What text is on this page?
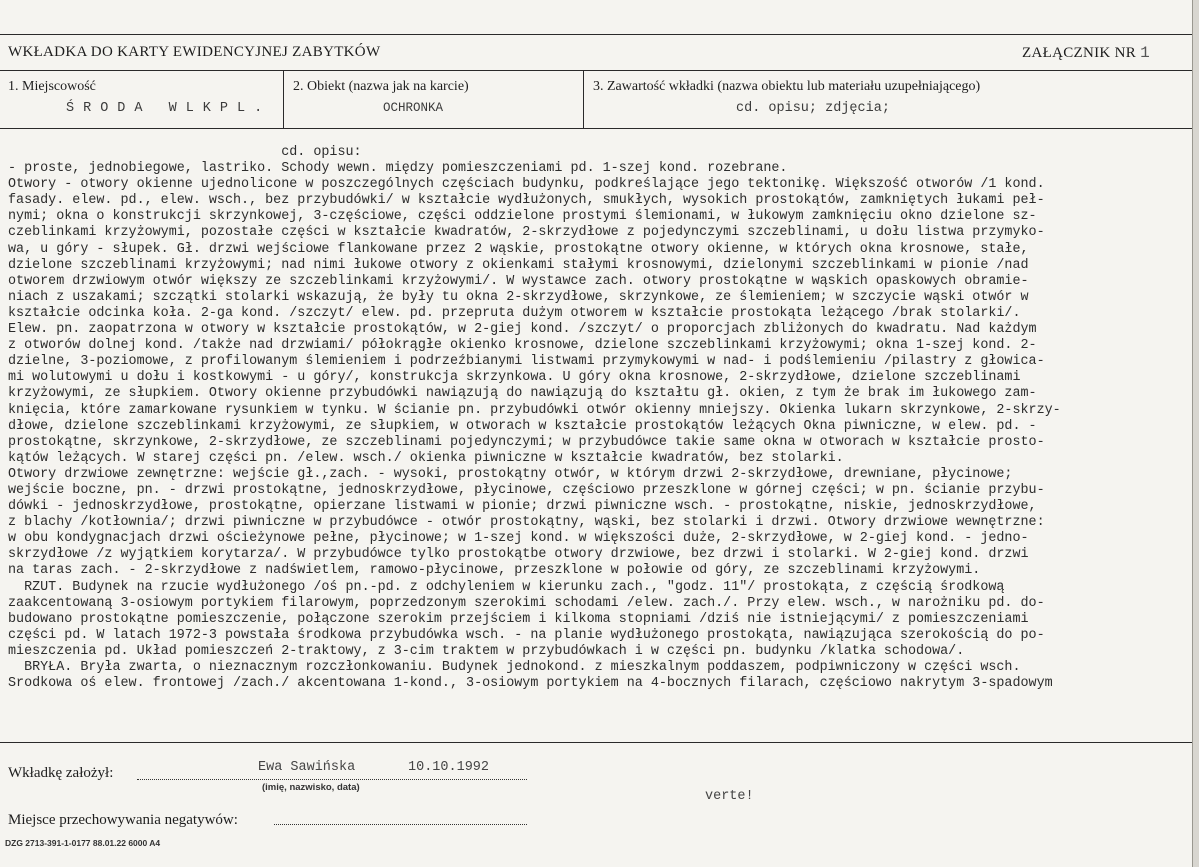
WKŁADKA DO KARTY EWIDENCYJNEJ ZABYTKÓW	ZAŁĄCZNIK NR 1
1. Miejscowość
ŚRODA WLKPL.
2. Obiekt (nazwa jak na karcie)
OCHRONKA
3. Zawartość wkładki (nazwa obiektu lub materiału uzupełniającego)
cd. opisu; zdjęcia;
cd. opisu:
- proste, jednobiegowe, lastriko. Schody wewn. między pomieszczeniami pd. 1-szej kond. rozebrane.
Otwory - otwory okienne ujednolicone w poszczególnych częściach budynku, podkreślające jego tektonikę. Większość otworów /1 kond.
fasady. elew. pd., elew. wsch., bez przybudówki/ w kształcie wydłużonych, smukłych, wysokich prostokątów, zamkniętych łukami peł-
nymi; okna o konstrukcji skrzynkowej, 3-częściowe, części oddzielone prostymi ślemionami, w łukowym zamknięciu okno dzielone sz-
czeblinkami krzyżowymi, pozostałe części w kształcie kwadratów, 2-skrzydłowe z pojedynczymi szczeblinami, u dołu listwa przymyko-
wa, u góry - słupek. Gł. drzwi wejściowe flankowane przez 2 wąskie, prostokątne otwory okienne, w których okna krosnowe, stałe,
dzielone szczeblinami krzyżowymi; nad nimi łukowe otwory z okienkami stałymi krosnowymi, dzielonymi szczeblinkami w pionie /nad
otworem drzwiowym otwór większy ze szczeblinkami krzyżowymi/. W wystawce zach. otwory prostokątne w wąskich opaskowych obramie-
niach z uszakami; szczątki stolarki wskazują, że były tu okna 2-skrzydłowe, skrzynkowe, ze ślemieniem; w szczycie wąski otwór w
kształcie odcinka koła. 2-ga kond. /szczyt/ elew. pd. przepruta dużym otworem w kształcie prostokąta leżącego /brak stolarki/.
Elew. pn. zaopatrzona w otwory w kształcie prostokątów, w 2-giej kond. /szczyt/ o proporcjach zbliżonych do kwadratu. Nad każdym
z otworów dolnej kond. /także nad drzwiami/ półokrągłe okienko krosnowe, dzielone szczeblinkami krzyżowymi; okna 1-szej kond. 2-
dzielne, 3-poziomowe, z profilowanym ślemieniem i podrzeźbianymi listwami przymykowymi w nad- i podślemieniu /pilastry z głowica-
mi wolutowymi u dołu i kostkowymi - u góry/, konstrukcja skrzynkowa. U góry okna krosnowe, 2-skrzydłowe, dzielone szczeblinami
krzyżowymi, ze słupkiem. Otwory okienne przybudówki nawiązują do nawiązują do kształtu gł. okien, z tym że brak im łukowego zam-
knięcia, które zamarkowane rysunkiem w tynku. W ścianie pn. przybudówki otwór okienny mniejszy. Okienka lukarn skrzynkowe, 2-skrzy-
dłowe, dzielone szczeblinkami krzyżowymi, ze słupkiem, w otworach w kształcie prostokątów leżących Okna piwniczne, w elew. pd. -
prostokątne, skrzynkowe, 2-skrzydłowe, ze szczeblinami pojedynczymi; w przybudówce takie same okna w otworach w kształcie prosto-
kątów leżących. W starej części pn. /elew. wsch./ okienka piwniczne w kształcie kwadratów, bez stolarki.
Otwory drzwiowe zewnętrzne: wejście gł.,zach. - wysoki, prostokątny otwór, w którym drzwi 2-skrzydłowe, drewniane, płycinowe;
wejście boczne, pn. - drzwi prostokątne, jednoskrzydłowe, płycinowe, częściowo przeszklone w górnej części; w pn. ścianie przybu-
dówki - jednoskrzydłowe, prostokątne, opierzane listwami w pionie; drzwi piwniczne wsch. - prostokątne, niskie, jednoskrzydłowe,
z blachy /kotłownia/; drzwi piwniczne w przybudówce - otwór prostokątny, wąski, bez stolarki i drzwi. Otwory drzwiowe wewnętrzne:
w obu kondygnacjach drzwi ościeżynowe pełne, płycinowe; w 1-szej kond. w większości duże, 2-skrzydłowe, w 2-giej kond. - jedno-
skrzydłowe /z wyjątkiem korytarza/. W przybudówce tylko prostokątbe otwory drzwiowe, bez drzwi i stolarki. W 2-giej kond. drzwi
na taras zach. - 2-skrzydłowe z nadświetlem, ramowo-płycinowe, przeszklone w połowie od góry, ze szczeblinami krzyżowymi.
RZUT. Budynek na rzucie wydłużonego /oś pn.-pd. z odchyleniem w kierunku zach., "godz. 11"/ prostokąta, z częścią środkową
zaakcentowaną 3-osiowym portykiem filarowym, poprzedzonym szerokimi schodami /elew. zach./. Przy elew. wsch., w narożniku pd. do-
budowano prostokątne pomieszczenie, połączone szerokim przejściem i kilkoma stopniami /dziś nie istniejącymi/ z pomieszczeniami
części pd. W latach 1972-3 powstała środkowa przybudówka wsch. - na planie wydłużonego prostokąta, nawiązująca szerokością do po-
mieszczenia pd. Układ pomieszczeń 2-traktowy, z 3-cim traktem w przybudówkach i w części pn. budynku /klatka schodowa/.
BRYŁA. Bryła zwarta, o nieznacznym rozczłonkowaniu. Budynek jednokond. z mieszkalnym poddaszem, podpiwniczony w części wsch.
Środkowa oś elew. frontowej /zach./ akcentowana 1-kond., 3-osiowym portykiem na 4-bocznych filarach, częściowo nakrytym 3-spadowym
Wkładkę założył:	Ewa Sawińska	10.10.1992
(imię, nazwisko, data)
verte!
Miejsce przechowywania negatywów:
DZG 2713-391-1-0177 88.01.22 6000 A4
